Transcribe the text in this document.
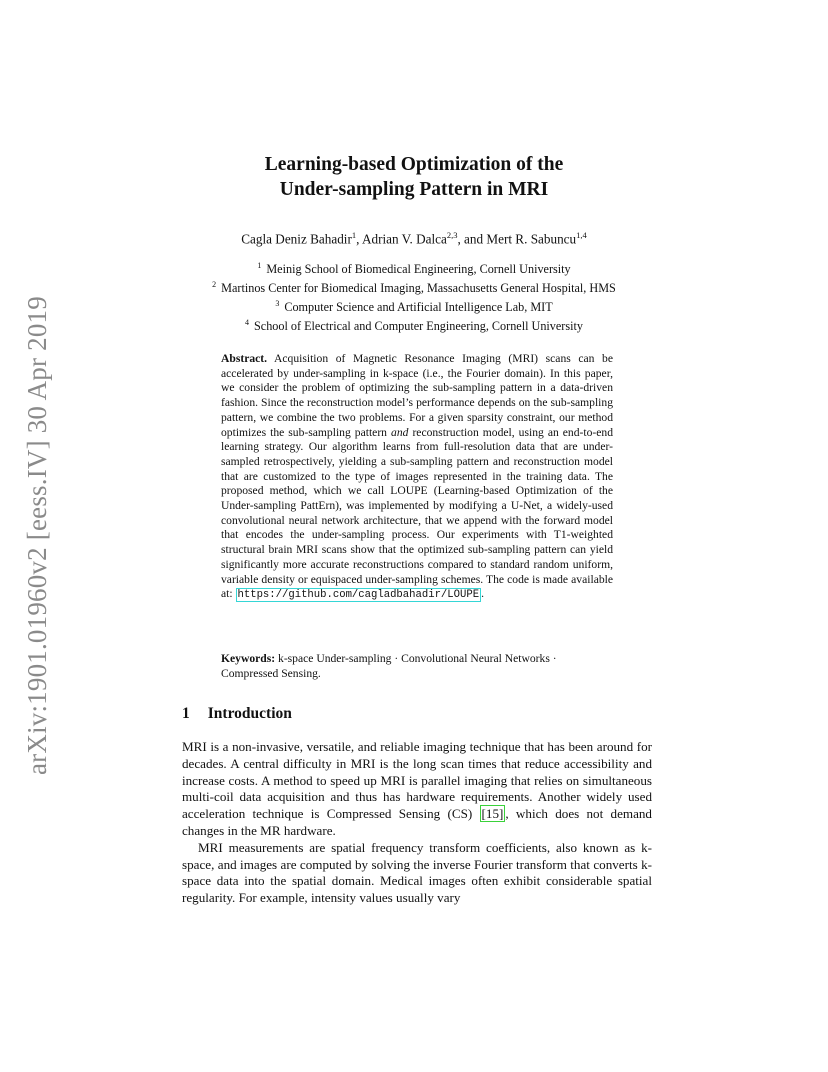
arXiv:1901.01960v2 [eess.IV] 30 Apr 2019
Learning-based Optimization of the
Under-sampling Pattern in MRI
Cagla Deniz Bahadir$^1$, Adrian V. Dalca$^{2,3}$, and Mert R. Sabuncu$^{1,4}$
$^1$ Meinig School of Biomedical Engineering, Cornell University
$^2$ Martinos Center for Biomedical Imaging, Massachusetts General Hospital, HMS
$^3$ Computer Science and Artificial Intelligence Lab, MIT
$^4$ School of Electrical and Computer Engineering, Cornell University
Abstract. Acquisition of Magnetic Resonance Imaging (MRI) scans can be accelerated by under-sampling in k-space (i.e., the Fourier domain). In this paper, we consider the problem of optimizing the sub-sampling pattern in a data-driven fashion. Since the reconstruction model’s performance depends on the sub-sampling pattern, we combine the two problems. For a given sparsity constraint, our method optimizes the sub-sampling pattern and reconstruction model, using an end-to-end learning strategy. Our algorithm learns from full-resolution data that are under-sampled retrospectively, yielding a sub-sampling pattern and reconstruction model that are customized to the type of images represented in the training data. The proposed method, which we call LOUPE (Learning-based Optimization of the Under-sampling PattErn), was implemented by modifying a U-Net, a widely-used convolutional neural network architecture, that we append with the forward model that encodes the under-sampling process. Our experiments with T1-weighted structural brain MRI scans show that the optimized sub-sampling pattern can yield significantly more accurate reconstructions compared to standard random uniform, variable density or equispaced under-sampling schemes. The code is made available at: https://github.com/cagladbahadir/LOUPE .
Keywords: k-space Under-sampling · Convolutional Neural Networks · Compressed Sensing.
1 Introduction

MRI is a non-invasive, versatile, and reliable imaging technique that has been around for decades. A central difficulty in MRI is the long scan times that reduce accessibility and increase costs. A method to speed up MRI is parallel imaging that relies on simultaneous multi-coil data acquisition and thus has hardware requirements. Another widely used acceleration technique is Compressed Sensing (CS) [15] , which does not demand changes in the MR hardware.

MRI measurements are spatial frequency transform coefficients, also known as k-space, and images are computed by solving the inverse Fourier transform that converts k-space data into the spatial domain. Medical images often exhibit considerable spatial regularity. For example, intensity values usually vary
